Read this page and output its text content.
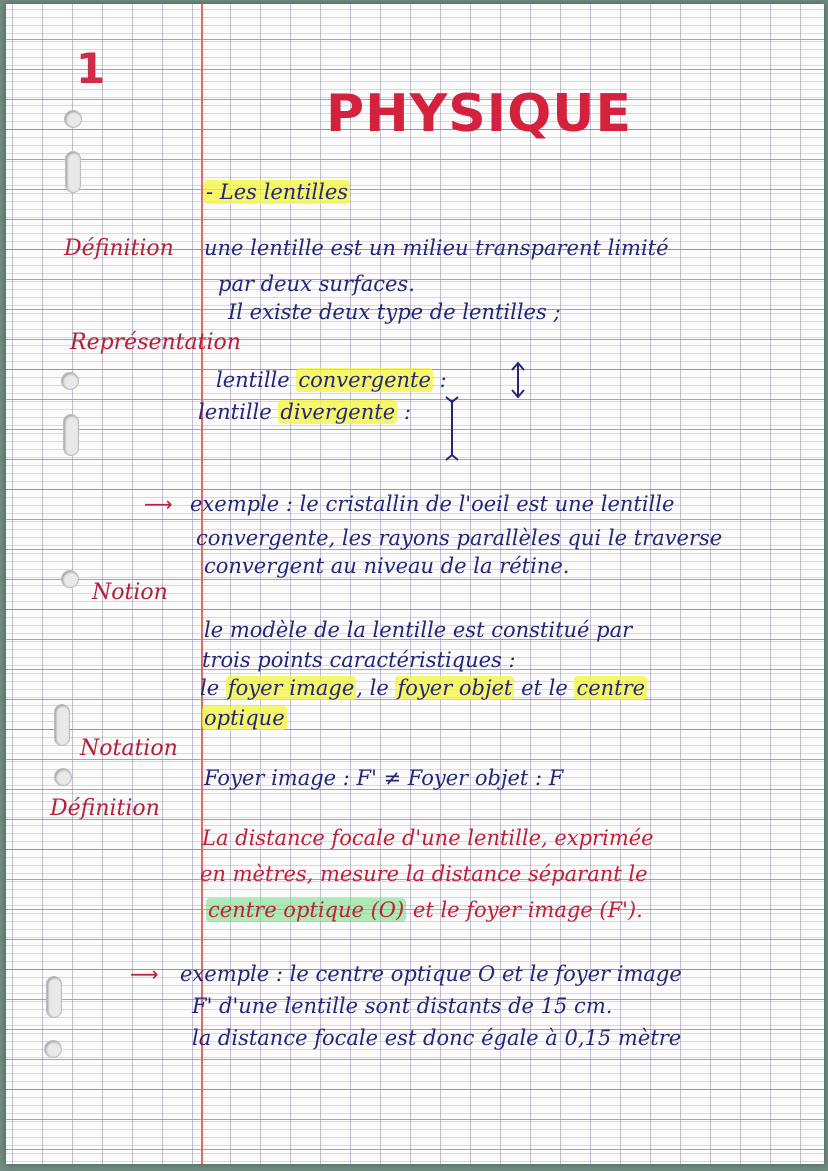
1
PHYSIQUE
- Les lentilles
Définition une lentille est un milieu transparent limité
par deux surfaces.
Il existe deux type de lentilles ;
Représentation
lentille convergente :
lentille divergente :
⟶ exemple : le cristallin de l'oeil est une lentille
convergente, les rayons parallèles qui le traverse
convergent au niveau de la rétine.
Notion
le modèle de la lentille est constitué par
trois points caractéristiques :
le foyer image, le foyer objet et le centre
optique
Notation
Foyer image : F' ≠ Foyer objet : F
Définition
La distance focale d'une lentille, exprimée
en mètres, mesure la distance séparant le
centre optique (O) et le foyer image (F').
⟶ exemple : le centre optique O et le foyer image
F' d'une lentille sont distants de 15 cm.
la distance focale est donc égale à 0,15 mètre
